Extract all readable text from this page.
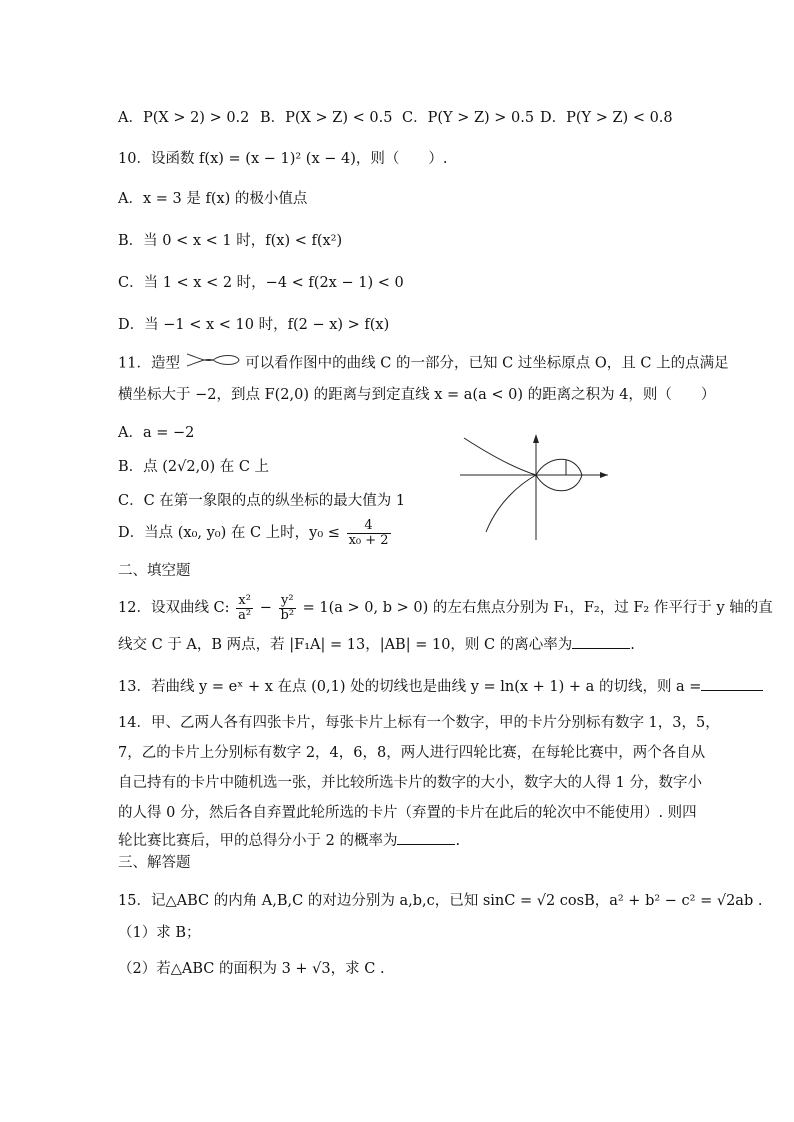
A．P(X > 2) > 0.2 B．P(X > Z) < 0.5 C．P(Y > Z) > 0.5 D．P(Y > Z) < 0.8
10．设函数 f(x) = (x − 1)² (x − 4)，则（　　）.
A．x = 3 是 f(x) 的极小值点
B．当 0 < x < 1 时，f(x) < f(x²)
C．当 1 < x < 2 时，−4 < f(2x − 1) < 0
D．当 −1 < x < 10 时，f(2 − x) > f(x)
11．造型	可以看作图中的曲线 C 的一部分，已知 C 过坐标原点 O，且 C 上的点满足
横坐标大于 −2，到点 F(2,0) 的距离与到定直线 x = a(a < 0) 的距离之积为 4，则（　　）
A．a = −2
B．点 (2√2,0) 在 C 上
C．C 在第一象限的点的纵坐标的最大值为 1
D．当点 (x₀, y₀) 在 C 上时，$y_0 \le \frac{4}{\text{x₀ + 2}}$
二、填空题
12．设双曲线 C: $\frac{\text{x²}}{\text{a²}} - \frac{\text{y²}}{\text{b²}} = 1(a > 0$, b > 0) 的左右焦点分别为 F₁，F₂，过 F₂ 作平行于 y 轴的直
线交 C 于 A，B 两点，若 |F₁A| = 13，|AB| = 10，则 C 的离心率为	.
13．若曲线 y = eˣ + x 在点 (0,1) 处的切线也是曲线 y = ln(x + 1) + a 的切线，则 a =
14．甲、乙两人各有四张卡片，每张卡片上标有一个数字，甲的卡片分别标有数字 1，3，5，
7，乙的卡片上分别标有数字 2，4，6，8，两人进行四轮比赛，在每轮比赛中，两个各自从
自己持有的卡片中随机选一张，并比较所选卡片的数字的大小，数字大的人得 1 分，数字小
的人得 0 分，然后各自弃置此轮所选的卡片（弃置的卡片在此后的轮次中不能使用）. 则四
轮比赛比赛后，甲的总得分小于 2 的概率为	.
三、解答题
15．记△ABC 的内角 A,B,C 的对边分别为 a,b,c，已知 sinC = √2 cosB，a² + b² − c² = √2ab .
（1）求 B；
（2）若△ABC 的面积为 3 + √3，求 C .
